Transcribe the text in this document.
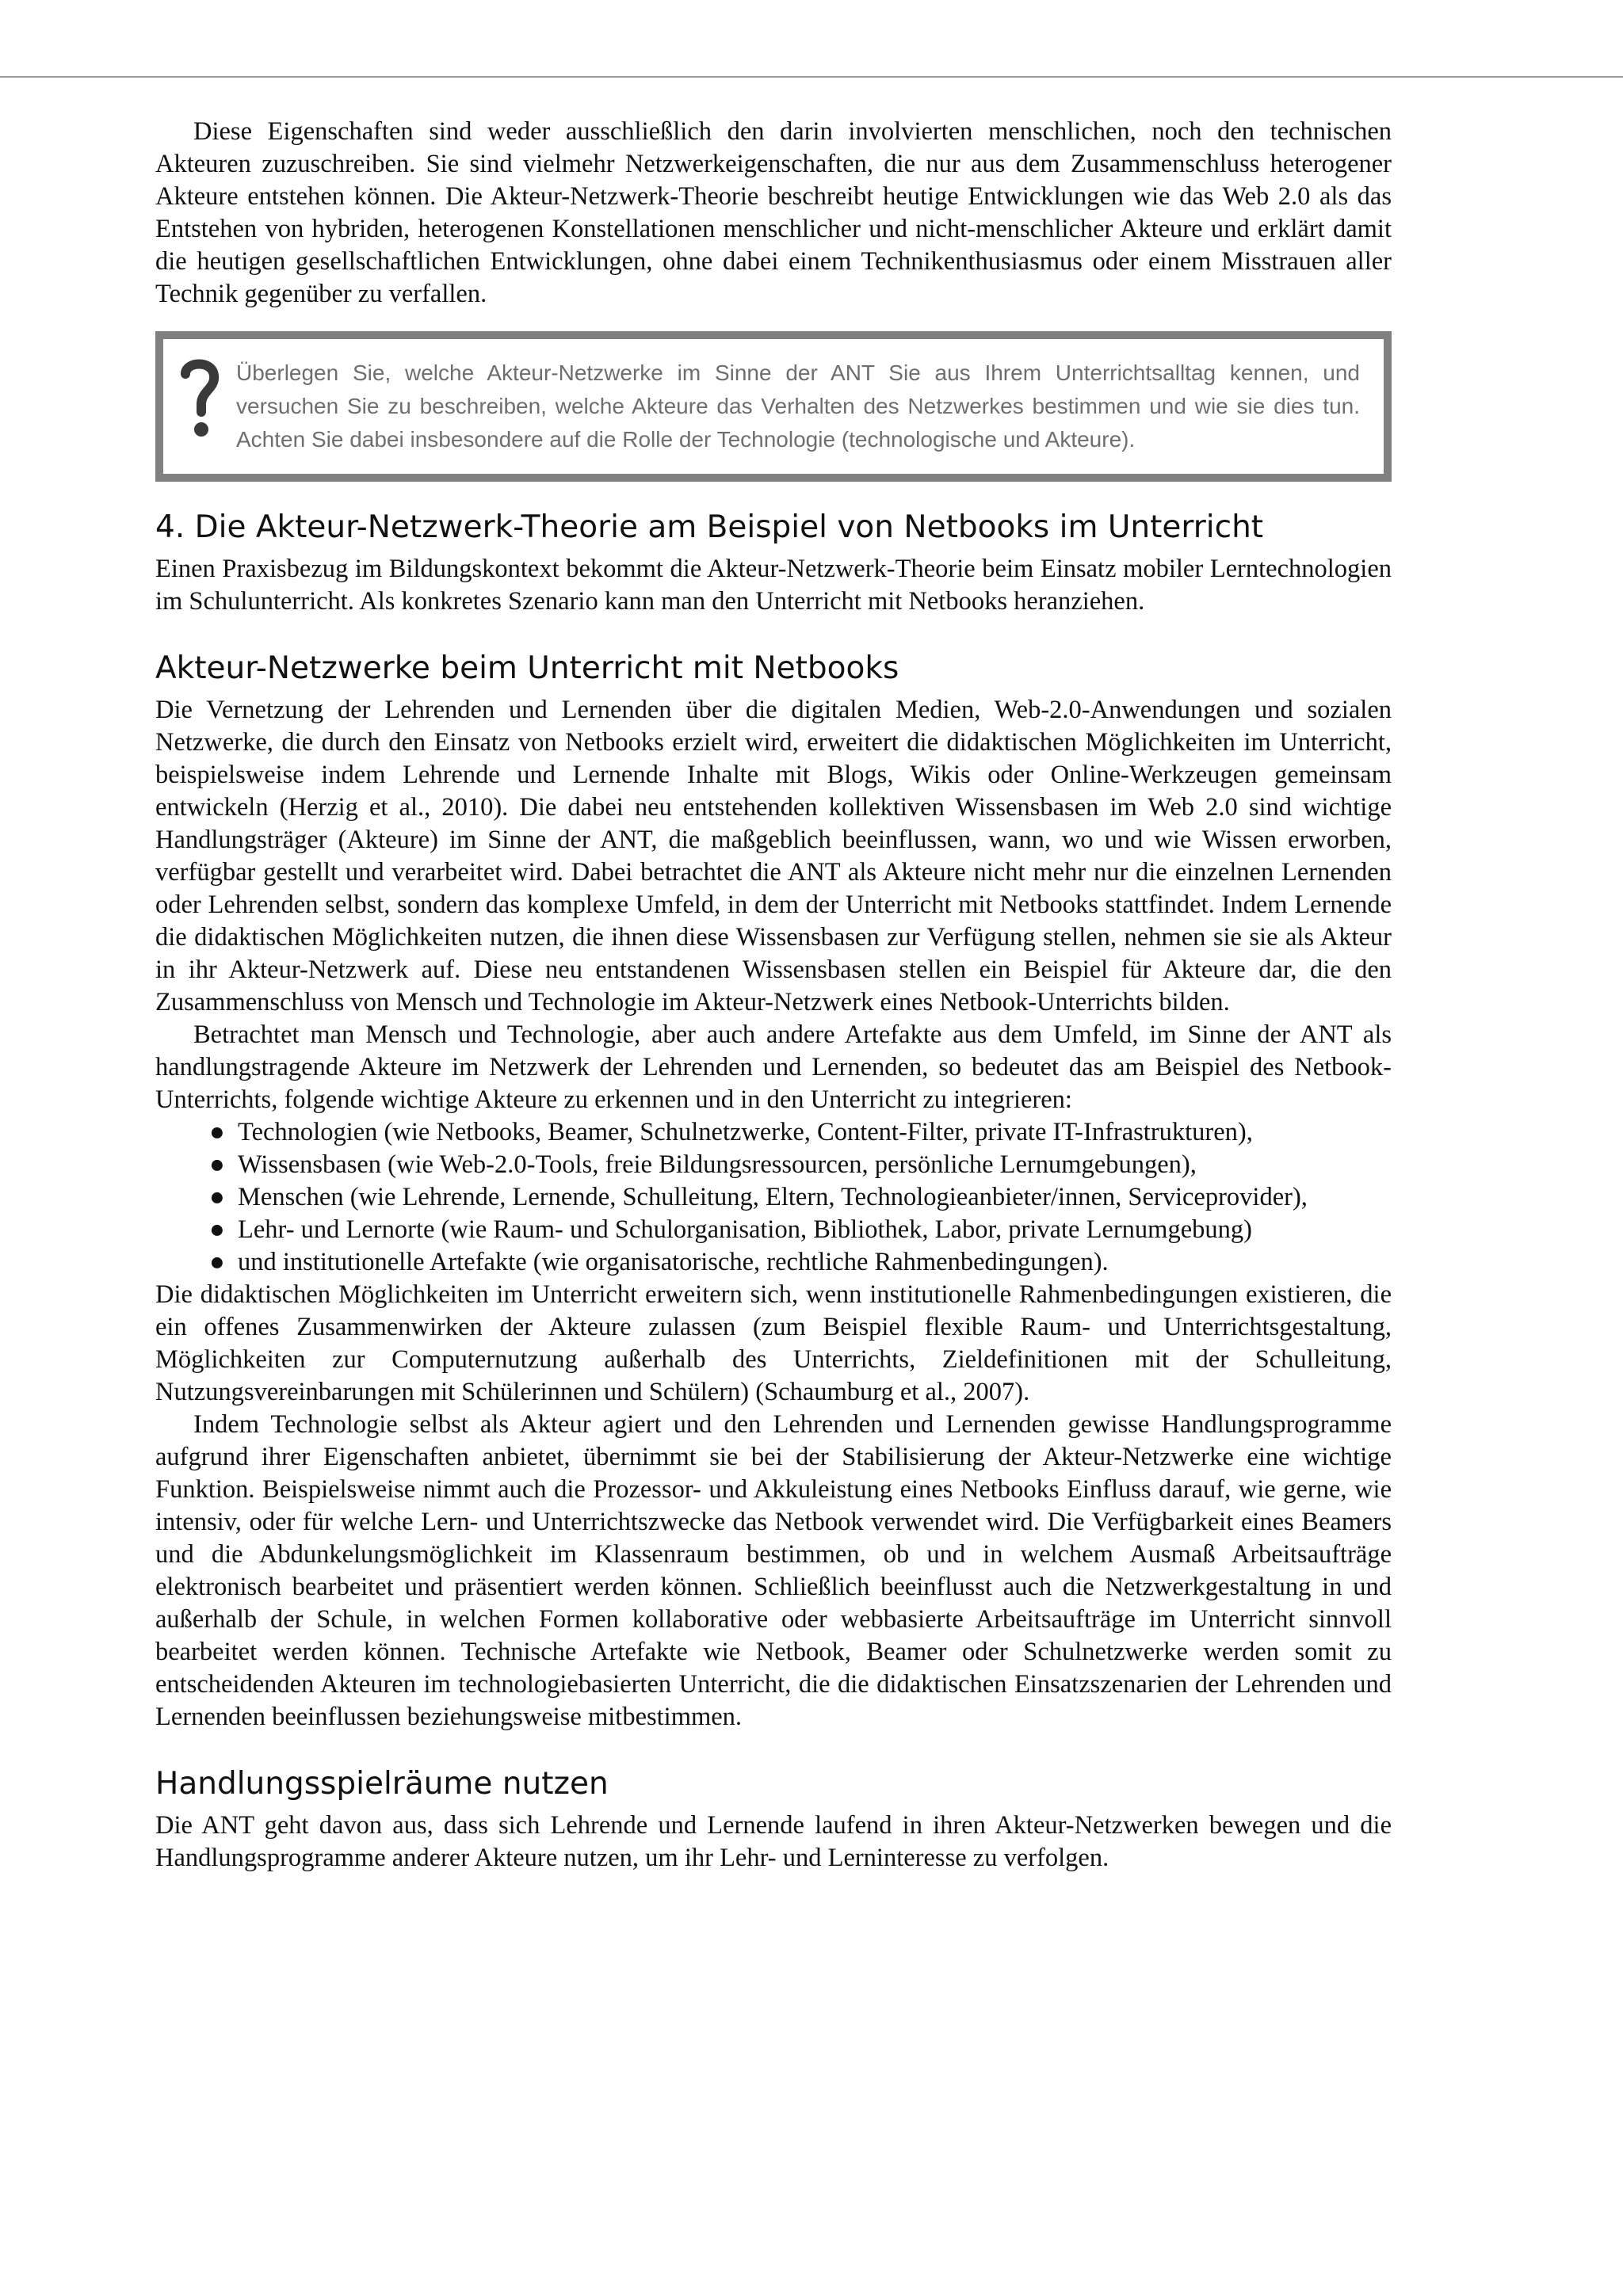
Diese Eigenschaften sind weder ausschließlich den darin involvierten menschlichen, noch den technischen Akteuren zuzuschreiben. Sie sind vielmehr Netzwerkeigenschaften, die nur aus dem Zusammenschluss heterogener Akteure entstehen können. Die Akteur-Netzwerk-Theorie beschreibt heutige Entwicklungen wie das Web 2.0 als das Entstehen von hybriden, heterogenen Konstellationen menschlicher und nicht-menschlicher Akteure und erklärt damit die heutigen gesellschaftlichen Entwicklungen, ohne dabei einem Technikenthusiasmus oder einem Misstrauen aller Technik gegenüber zu verfallen.

Überlegen Sie, welche Akteur-Netzwerke im Sinne der ANT Sie aus Ihrem Unterrichtsalltag kennen, und versuchen Sie zu beschreiben, welche Akteure das Verhalten des Netzwerkes bestimmen und wie sie dies tun. Achten Sie dabei insbesondere auf die Rolle der Technologie (technologische und Akteure).

4. Die Akteur-Netzwerk-Theorie am Beispiel von Netbooks im Unterricht

Einen Praxisbezug im Bildungskontext bekommt die Akteur-Netzwerk-Theorie beim Einsatz mobiler Lerntechnologien im Schulunterricht. Als konkretes Szenario kann man den Unterricht mit Netbooks heranziehen.

Akteur-Netzwerke beim Unterricht mit Netbooks

Die Vernetzung der Lehrenden und Lernenden über die digitalen Medien, Web-2.0-Anwendungen und sozialen Netzwerke, die durch den Einsatz von Netbooks erzielt wird, erweitert die didaktischen Möglichkeiten im Unterricht, beispielsweise indem Lehrende und Lernende Inhalte mit Blogs, Wikis oder Online-Werkzeugen gemeinsam entwickeln (Herzig et al., 2010). Die dabei neu entstehenden kollektiven Wissensbasen im Web 2.0 sind wichtige Handlungsträger (Akteure) im Sinne der ANT, die maßgeblich beeinflussen, wann, wo und wie Wissen erworben, verfügbar gestellt und verarbeitet wird. Dabei betrachtet die ANT als Akteure nicht mehr nur die einzelnen Lernenden oder Lehrenden selbst, sondern das komplexe Umfeld, in dem der Unterricht mit Netbooks stattfindet. Indem Lernende die didaktischen Möglichkeiten nutzen, die ihnen diese Wissensbasen zur Verfügung stellen, nehmen sie sie als Akteur in ihr Akteur-Netzwerk auf. Diese neu entstandenen Wissensbasen stellen ein Beispiel für Akteure dar, die den Zusammenschluss von Mensch und Technologie im Akteur-Netzwerk eines Netbook-Unterrichts bilden.

Betrachtet man Mensch und Technologie, aber auch andere Artefakte aus dem Umfeld, im Sinne der ANT als handlungstragende Akteure im Netzwerk der Lehrenden und Lernenden, so bedeutet das am Beispiel des Netbook-Unterrichts, folgende wichtige Akteure zu erkennen und in den Unterricht zu integrieren:

● Technologien (wie Netbooks, Beamer, Schulnetzwerke, Content-Filter, private IT-Infrastrukturen),
● Wissensbasen (wie Web-2.0-Tools, freie Bildungsressourcen, persönliche Lernumgebungen),
● Menschen (wie Lehrende, Lernende, Schulleitung, Eltern, Technologieanbieter/innen, Serviceprovider),
● Lehr- und Lernorte (wie Raum- und Schulorganisation, Bibliothek, Labor, private Lernumgebung)
● und institutionelle Artefakte (wie organisatorische, rechtliche Rahmenbedingungen).

Die didaktischen Möglichkeiten im Unterricht erweitern sich, wenn institutionelle Rahmenbedingungen existieren, die ein offenes Zusammenwirken der Akteure zulassen (zum Beispiel flexible Raum- und Unterrichtsgestaltung, Möglichkeiten zur Computernutzung außerhalb des Unterrichts, Zieldefinitionen mit der Schulleitung, Nutzungsvereinbarungen mit Schülerinnen und Schülern) (Schaumburg et al., 2007).

Indem Technologie selbst als Akteur agiert und den Lehrenden und Lernenden gewisse Handlungsprogramme aufgrund ihrer Eigenschaften anbietet, übernimmt sie bei der Stabilisierung der Akteur-Netzwerke eine wichtige Funktion. Beispielsweise nimmt auch die Prozessor- und Akkuleistung eines Netbooks Einfluss darauf, wie gerne, wie intensiv, oder für welche Lern- und Unterrichtszwecke das Netbook verwendet wird. Die Verfügbarkeit eines Beamers und die Abdunkelungsmöglichkeit im Klassenraum bestimmen, ob und in welchem Ausmaß Arbeitsaufträge elektronisch bearbeitet und präsentiert werden können. Schließlich beeinflusst auch die Netzwerkgestaltung in und außerhalb der Schule, in welchen Formen kollaborative oder webbasierte Arbeitsaufträge im Unterricht sinnvoll bearbeitet werden können. Technische Artefakte wie Netbook, Beamer oder Schulnetzwerke werden somit zu entscheidenden Akteuren im technologiebasierten Unterricht, die die didaktischen Einsatzszenarien der Lehrenden und Lernenden beeinflussen beziehungsweise mitbestimmen.

Handlungsspielräume nutzen

Die ANT geht davon aus, dass sich Lehrende und Lernende laufend in ihren Akteur-Netzwerken bewegen und die Handlungsprogramme anderer Akteure nutzen, um ihr Lehr- und Lerninteresse zu verfolgen.
